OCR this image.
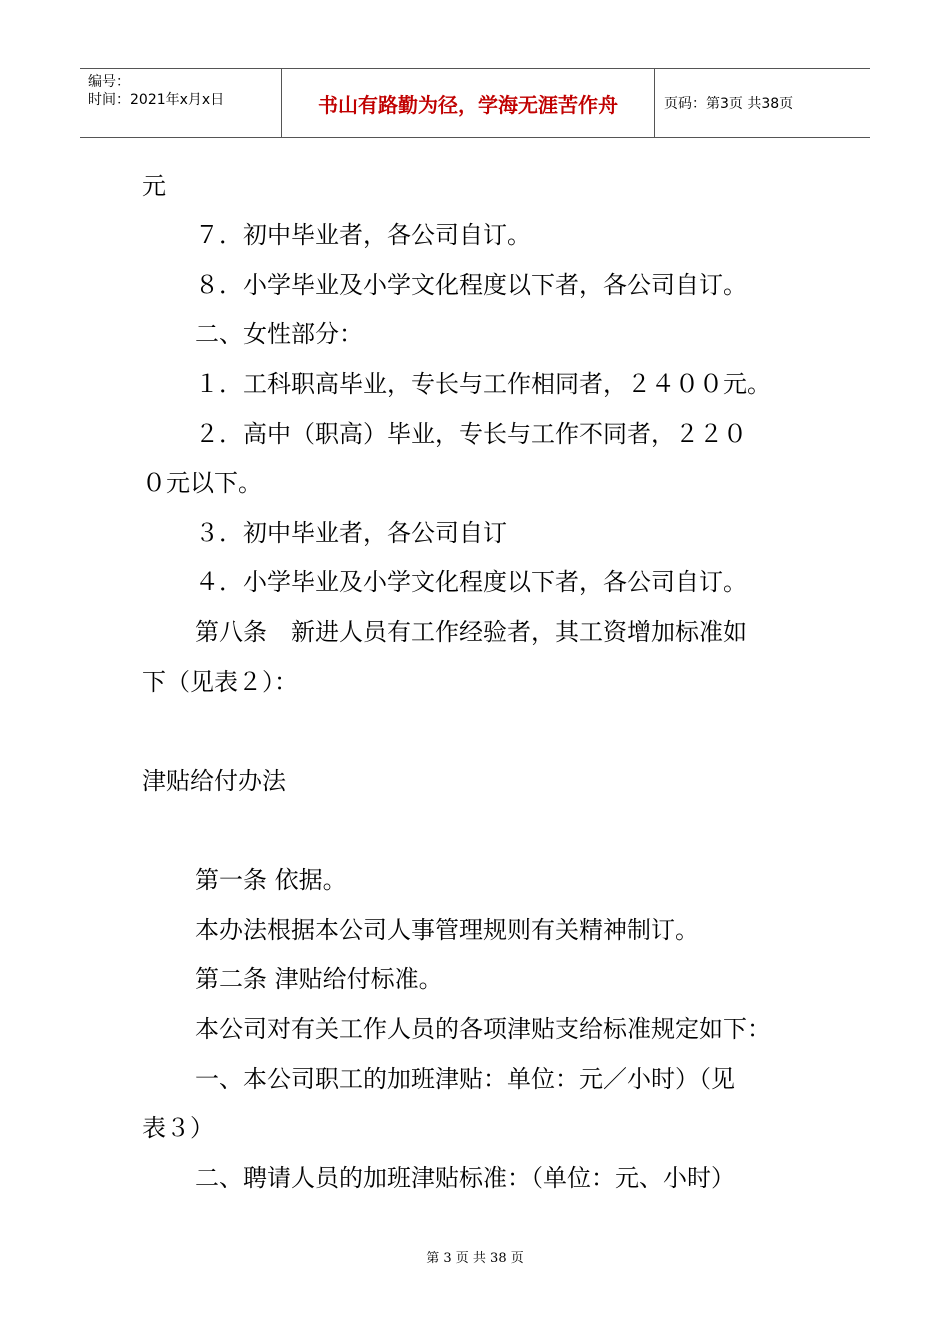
编号：
时间：2021年x月x日	书山有路勤为径，学海无涯苦作舟	页码：第3页 共38页
元
７．初中毕业者，各公司自订。
８．小学毕业及小学文化程度以下者，各公司自订。
二、女性部分：
１．工科职高毕业，专长与工作相同者，２４００元。
２．高中（职高）毕业，专长与工作不同者，２２０
０元以下。
３．初中毕业者，各公司自订
４．小学毕业及小学文化程度以下者，各公司自订。
第八条　新进人员有工作经验者，其工资增加标准如
下（见表２）：
津贴给付办法
第一条 依据。
本办法根据本公司人事管理规则有关精神制订。
第二条 津贴给付标准。
本公司对有关工作人员的各项津贴支给标准规定如下：
一、本公司职工的加班津贴：单位：元／小时）（见
表３）
二、聘请人员的加班津贴标准：（单位：元、小时）
第 3 页 共 38 页
